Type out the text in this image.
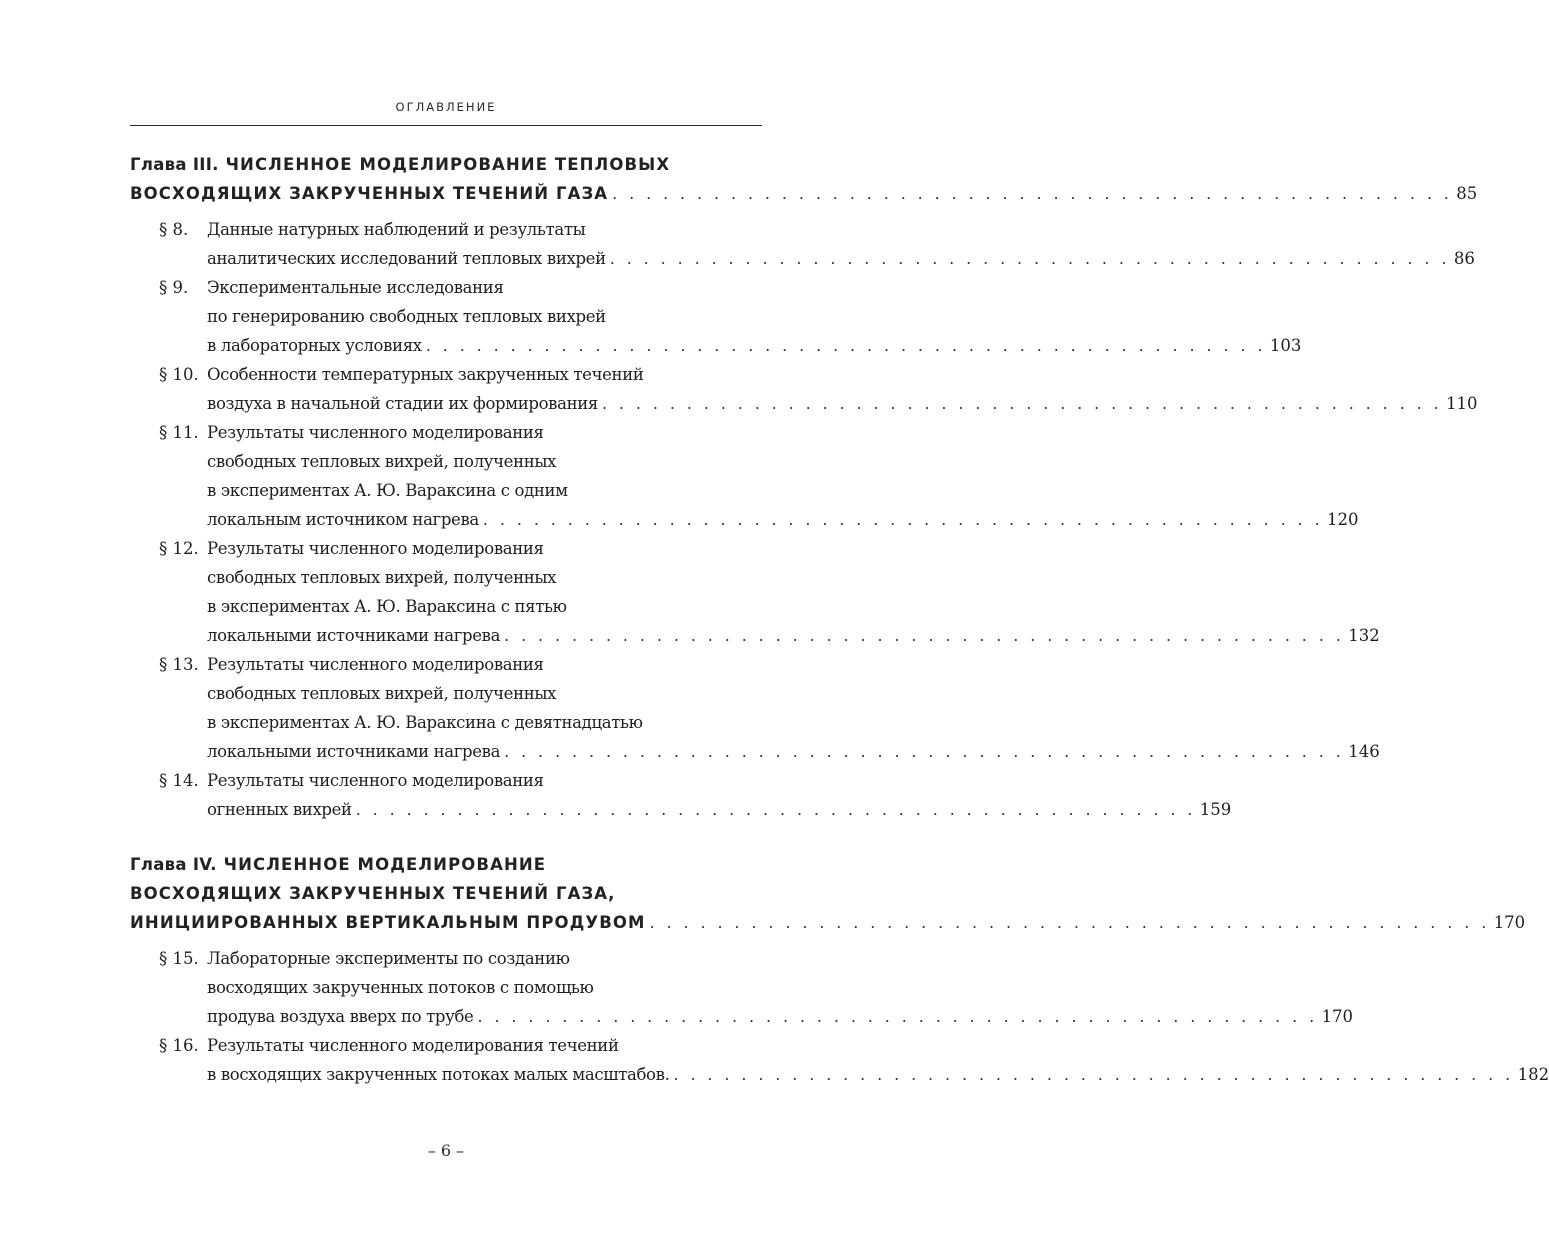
ОГЛАВЛЕНИЕ
Глава III. ЧИСЛЕННОЕ МОДЕЛИРОВАНИЕ ТЕПЛОВЫХ
ВОСХОДЯЩИХ ЗАКРУЧЕННЫХ ТЕЧЕНИЙ ГАЗА . . . . . . . . . . . . . . . . . . . . . . . . . . . . . . . . . . . . . . . . . . . . . . . . . . 85
§ 8. Данные натурных наблюдений и результаты
аналитических исследований тепловых вихрей . . . . . . . . . . . . . . . . . . . . . . . . . . . . . . . . . . . . . . . . . . . . . . . . . . 86
§ 9. Экспериментальные исследования
по генерированию свободных тепловых вихрей
в лабораторных условиях . . . . . . . . . . . . . . . . . . . . . . . . . . . . . . . . . . . . . . . . . . . . . . . . . . 103
§ 10. Особенности температурных закрученных течений
воздуха в начальной стадии их формирования . . . . . . . . . . . . . . . . . . . . . . . . . . . . . . . . . . . . . . . . . . . . . . . . . . 110
§ 11. Результаты численного моделирования
свободных тепловых вихрей, полученных
в экспериментах А. Ю. Вараксина с одним
локальным источником нагрева . . . . . . . . . . . . . . . . . . . . . . . . . . . . . . . . . . . . . . . . . . . . . . . . . . 120
§ 12. Результаты численного моделирования
свободных тепловых вихрей, полученных
в экспериментах А. Ю. Вараксина с пятью
локальными источниками нагрева . . . . . . . . . . . . . . . . . . . . . . . . . . . . . . . . . . . . . . . . . . . . . . . . . . 132
§ 13. Результаты численного моделирования
свободных тепловых вихрей, полученных
в экспериментах А. Ю. Вараксина с девятнадцатью
локальными источниками нагрева . . . . . . . . . . . . . . . . . . . . . . . . . . . . . . . . . . . . . . . . . . . . . . . . . . 146
§ 14. Результаты численного моделирования
огненных вихрей . . . . . . . . . . . . . . . . . . . . . . . . . . . . . . . . . . . . . . . . . . . . . . . . . . 159
Глава IV. ЧИСЛЕННОЕ МОДЕЛИРОВАНИЕ
ВОСХОДЯЩИХ ЗАКРУЧЕННЫХ ТЕЧЕНИЙ ГАЗА,
ИНИЦИИРОВАННЫХ ВЕРТИКАЛЬНЫМ ПРОДУВОМ . . . . . . . . . . . . . . . . . . . . . . . . . . . . . . . . . . . . . . . . . . . . . . . . . . 170
§ 15. Лабораторные эксперименты по созданию
восходящих закрученных потоков с помощью
продува воздуха вверх по трубе . . . . . . . . . . . . . . . . . . . . . . . . . . . . . . . . . . . . . . . . . . . . . . . . . . 170
§ 16. Результаты численного моделирования течений
в восходящих закрученных потоках малых масштабов. . . . . . . . . . . . . . . . . . . . . . . . . . . . . . . . . . . . . . . . . . . . . . . . . . . 182
– 6 –
